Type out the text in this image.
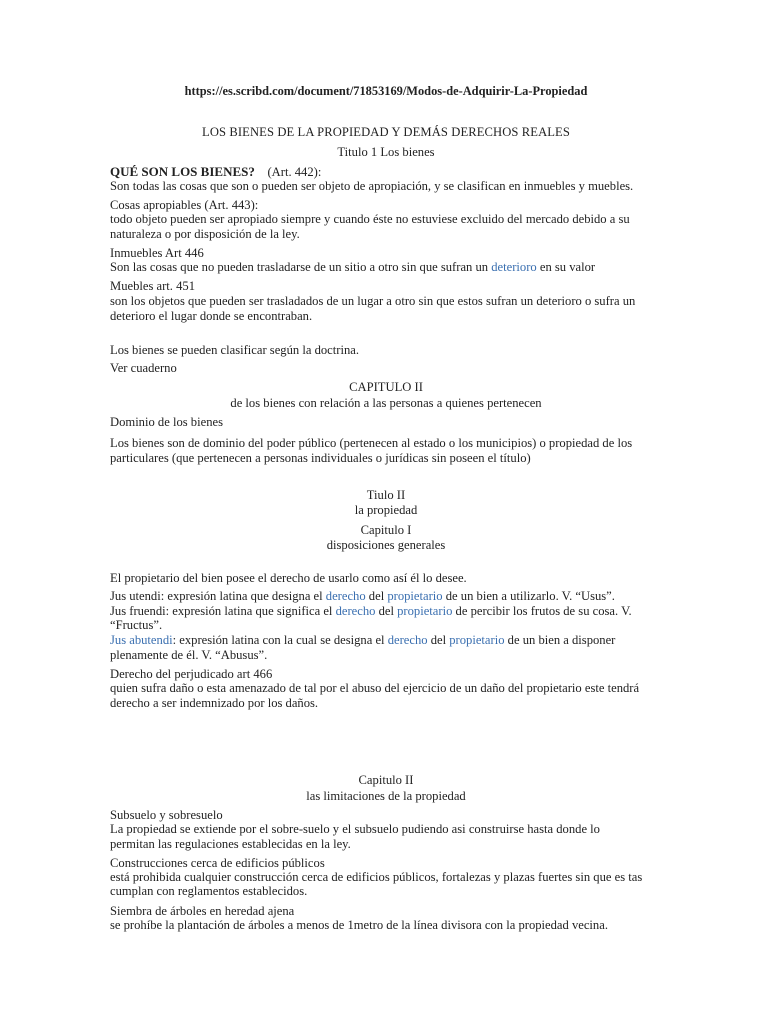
https://es.scribd.com/document/71853169/Modos-de-Adquirir-La-Propiedad
LOS BIENES DE LA PROPIEDAD Y DEMÁS DERECHOS REALES
Titulo 1 Los bienes
QUÉ SON LOS BIENES? (Art. 442):
Son todas las cosas que son o pueden ser objeto de apropiación, y se clasifican en inmuebles y muebles.
Cosas apropiables (Art. 443):
todo objeto pueden ser apropiado siempre y cuando éste no estuviese excluido del mercado debido a su
naturaleza o por disposición de la ley.
Inmuebles Art 446
Son las cosas que no pueden trasladarse de un sitio a otro sin que sufran un deterioro en su valor
Muebles art. 451
son los objetos que pueden ser trasladados de un lugar a otro sin que estos sufran un deterioro o sufra un
deterioro el lugar donde se encontraban.
Los bienes se pueden clasificar según la doctrina.
Ver cuaderno
CAPITULO II
de los bienes con relación a las personas a quienes pertenecen
Dominio de los bienes
Los bienes son de dominio del poder público (pertenecen al estado o los municipios) o propiedad de los
particulares (que pertenecen a personas individuales o jurídicas sin poseen el título)
Tiulo II
la propiedad
Capitulo I
disposiciones generales
El propietario del bien posee el derecho de usarlo como así él lo desee.
Jus utendi: expresión latina que designa el derecho del propietario de un bien a utilizarlo. V. “Usus”.
Jus fruendi: expresión latina que significa el derecho del propietario de percibir los frutos de su cosa. V.
“Fructus”.
Jus abutendi: expresión latina con la cual se designa el derecho del propietario de un bien a disponer
plenamente de él. V. “Abusus”.
Derecho del perjudicado art 466
quien sufra daño o esta amenazado de tal por el abuso del ejercicio de un daño del propietario este tendrá
derecho a ser indemnizado por los daños.
Capitulo II
las limitaciones de la propiedad
Subsuelo y sobresuelo
La propiedad se extiende por el sobre-suelo y el subsuelo pudiendo asi construirse hasta donde lo
permitan las regulaciones establecidas en la ley.
Construcciones cerca de edificios públicos
está prohibida cualquier construcción cerca de edificios públicos, fortalezas y plazas fuertes sin que es tas
cumplan con reglamentos establecidos.
Siembra de árboles en heredad ajena
se prohíbe la plantación de árboles a menos de 1metro de la línea divisora con la propiedad vecina.
